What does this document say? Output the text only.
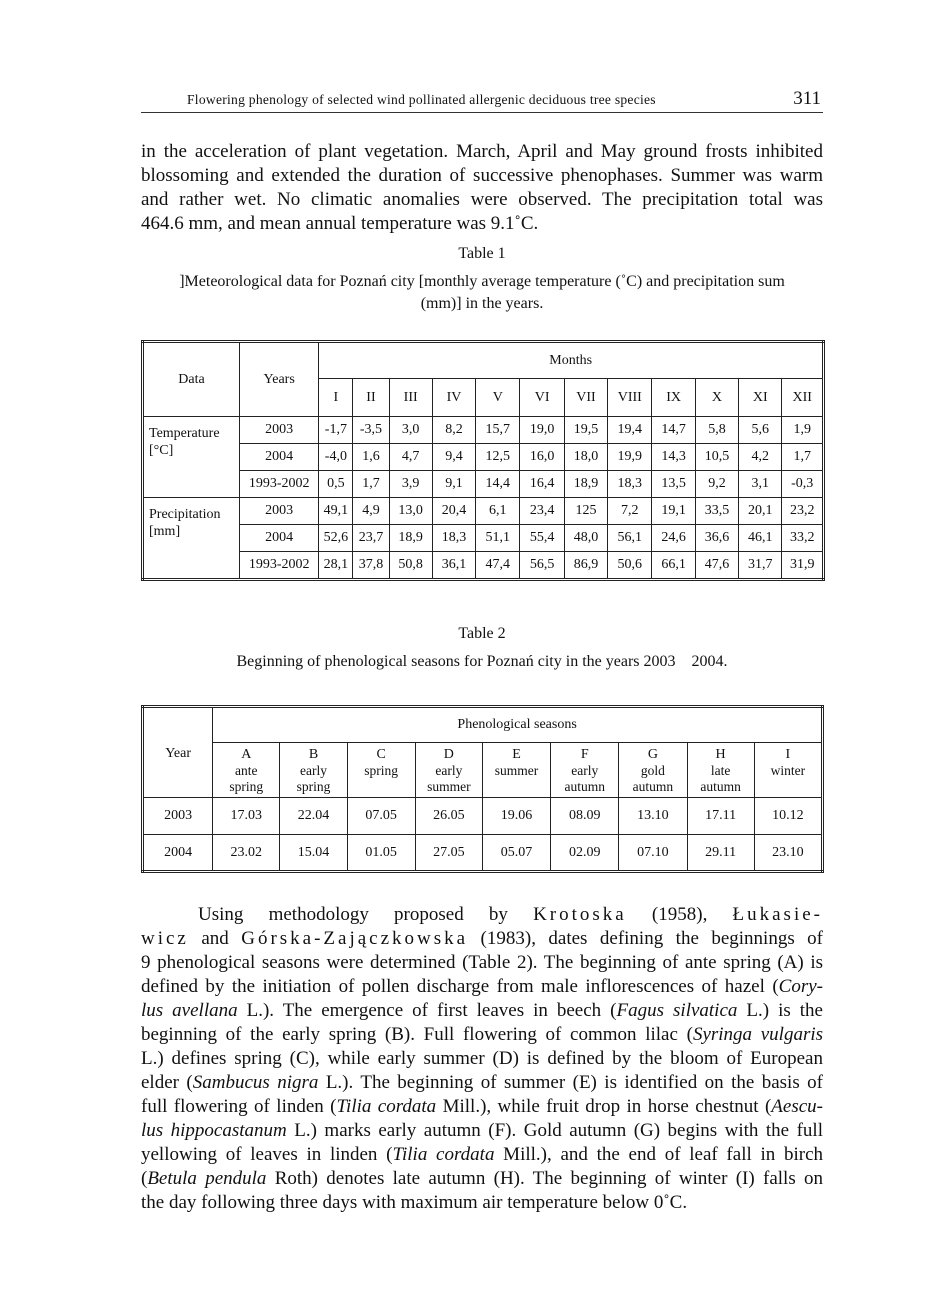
Flowering phenology of selected wind pollinated allergenic deciduous tree species	311
in the acceleration of plant vegetation. March, April and May ground frosts inhibited
blossoming and extended the duration of successive phenophases. Summer was warm
and rather wet. No climatic anomalies were observed. The precipitation total was
464.6 mm, and mean annual temperature was 9.1˚C.
Table 1
]Meteorological data for Poznań city [monthly average temperature (˚C) and precipitation sum
(mm)] in the years.
Data	Years	Months											
		I	II	III	IV	V	VI	VII	VIII	IX	X	XI	XII
Temperature
[°C]	2003	-1,7	-3,5	3,0	8,2	15,7	19,0	19,5	19,4	14,7	5,8	5,6	1,9
	2004	-4,0	1,6	4,7	9,4	12,5	16,0	18,0	19,9	14,3	10,5	4,2	1,7
	1993-2002	0,5	1,7	3,9	9,1	14,4	16,4	18,9	18,3	13,5	9,2	3,1	-0,3
Precipitation
[mm]	2003	49,1	4,9	13,0	20,4	6,1	23,4	125	7,2	19,1	33,5	20,1	23,2
	2004	52,6	23,7	18,9	18,3	51,1	55,4	48,0	56,1	24,6	36,6	46,1	33,2
	1993-2002	28,1	37,8	50,8	36,1	47,4	56,5	86,9	50,6	66,1	47,6	31,7	31,9
Table 2
Beginning of phenological seasons for Poznań city in the years 2003    2004.
Year	Phenological seasons								

	A
ante
spring	B
early
spring	C
spring	D
early
summer	E
summer	F
early
autumn	G
gold
autumn	H
late
autumn	I
winter

2003	17.03	22.04	07.05	26.05	19.06	08.09	13.10	17.11	10.12
2004	23.02	15.04	01.05	27.05	05.07	02.09	07.10	29.11	23.10
Using methodology proposed by Krotoska (1958), Łukasie-
wicz and Górska-Zajączkowska (1983), dates defining the beginnings of
9 phenological seasons were determined (Table 2). The beginning of ante spring (A) is
defined by the initiation of pollen discharge from male inflorescences of hazel (Cory-
lus avellana L.). The emergence of first leaves in beech (Fagus silvatica L.) is the
beginning of the early spring (B). Full flowering of common lilac (Syringa vulgaris
L.) defines spring (C), while early summer (D) is defined by the bloom of European
elder (Sambucus nigra L.). The beginning of summer (E) is identified on the basis of
full flowering of linden (Tilia cordata Mill.), while fruit drop in horse chestnut (Aescu-
lus hippocastanum L.) marks early autumn (F). Gold autumn (G) begins with the full
yellowing of leaves in linden (Tilia cordata Mill.), and the end of leaf fall in birch
(Betula pendula Roth) denotes late autumn (H). The beginning of winter (I) falls on
the day following three days with maximum air temperature below 0˚C.
